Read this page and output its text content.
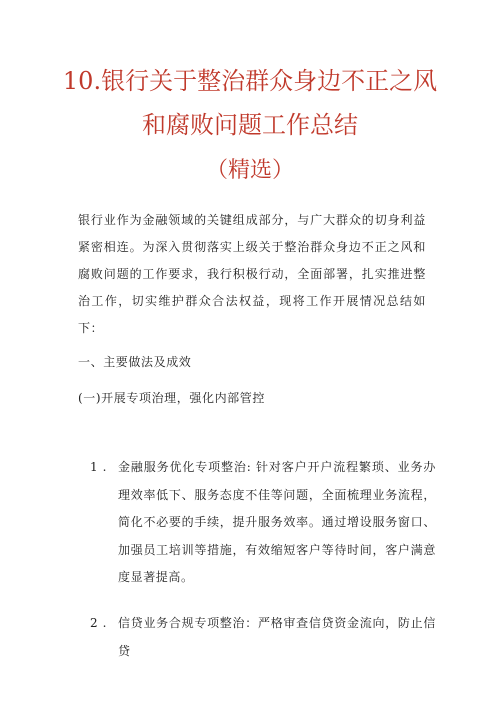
10.银行关于整治群众身边不正之风
和腐败问题工作总结
（精选）

银行业作为金融领域的关键组成部分，与广大群众的切身利益紧密相连。为深入贯彻落实上级关于整治群众身边不正之风和腐败问题的工作要求，我行积极行动，全面部署，扎实推进整治工作，切实维护群众合法权益，现将工作开展情况总结如下：

一、主要做法及成效

(一)开展专项治理，强化内部管控

1 . 金融服务优化专项整治: 针对客户开户流程繁琐、业务办理效率低下、服务态度不佳等问题，全面梳理业务流程，简化不必要的手续，提升服务效率。通过增设服务窗口、加强员工培训等措施，有效缩短客户等待时间，客户满意度显著提高。
2 . 信贷业务合规专项整治：严格审查信贷资金流向，防止信贷
